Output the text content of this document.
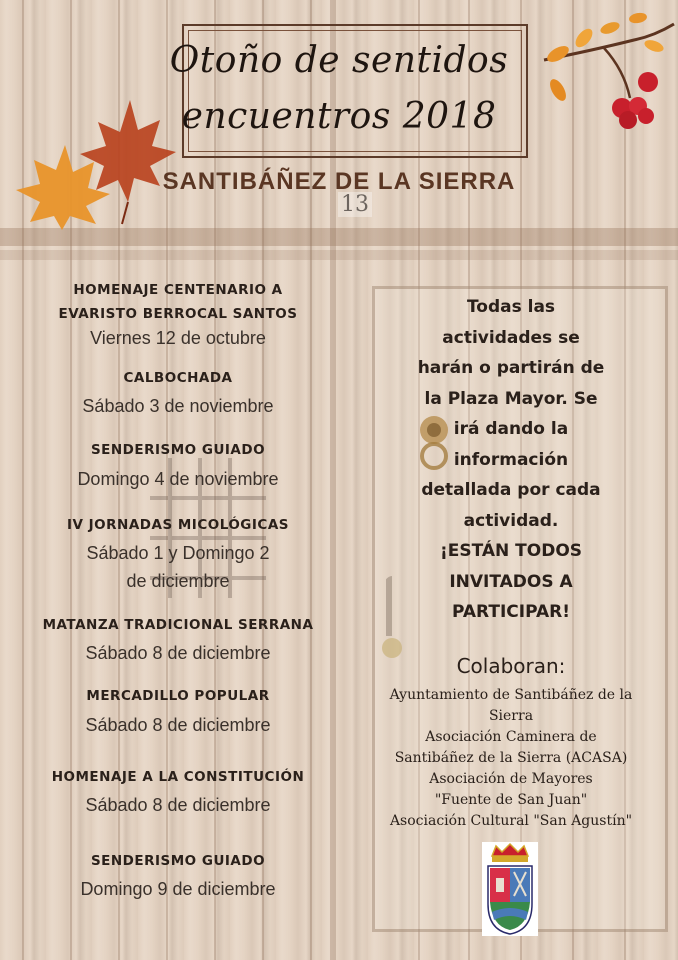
Otoño de sentidos
encuentros 2018
SANTIBÁÑEZ DE LA SIERRA
13
HOMENAJE CENTENARIO A
EVARISTO BERROCAL SANTOS
Viernes 12 de octubre
CALBOCHADA
Sábado 3 de noviembre
SENDERISMO GUIADO
Domingo 4 de noviembre
IV JORNADAS MICOLÓGICAS
Sábado 1 y Domingo 2
de diciembre
MATANZA TRADICIONAL SERRANA
Sábado 8 de diciembre
MERCADILLO POPULAR
Sábado 8 de diciembre
HOMENAJE A LA CONSTITUCIÓN
Sábado 8 de diciembre
SENDERISMO GUIADO
Domingo 9 de diciembre
Todas las
actividades se
harán o partirán de
la Plaza Mayor. Se
irá dando la
información
detallada por cada
actividad.
¡ESTÁN TODOS
INVITADOS A
PARTICIPAR!
Colaboran:
Ayuntamiento de Santibáñez de la
Sierra
Asociación Caminera de
Santibáñez de la Sierra (ACASA)
Asociación de Mayores
"Fuente de San Juan"
Asociación Cultural "San Agustín"
